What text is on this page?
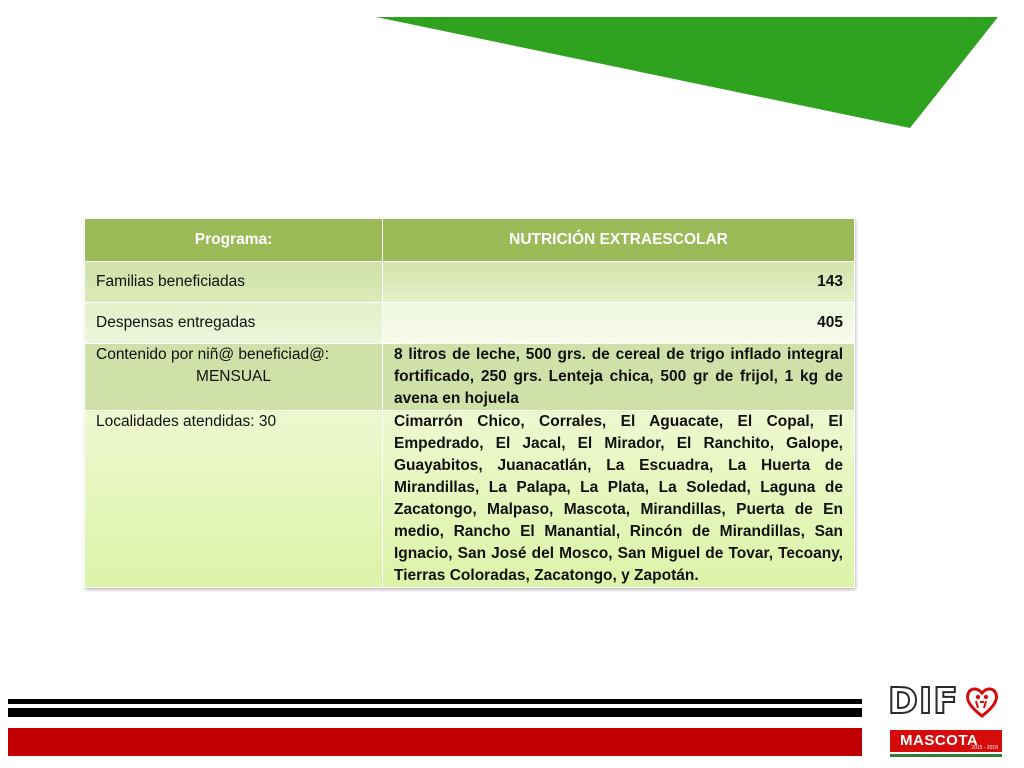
Programa:	NUTRICIÓN EXTRAESCOLAR
Familias beneficiadas	143
Despensas entregadas	405
Contenido por niñ@ beneficiad@:
MENSUAL	8 litros de leche, 500 grs. de cereal de trigo inflado integral fortificado, 250 grs. Lenteja chica, 500 gr de frijol, 1 kg de avena en hojuela
Localidades atendidas: 30	Cimarrón Chico, Corrales, El Aguacate, El Copal, El Empedrado, El Jacal, El Mirador, El Ranchito, Galope, Guayabitos, Juanacatlán, La Escuadra, La Huerta de Mirandillas, La Palapa, La Plata, La Soledad, Laguna de Zacatongo, Malpaso, Mascota, Mirandillas, Puerta de En medio, Rancho El Manantial, Rincón de Mirandillas, San Ignacio, San José del Mosco, San Miguel de Tovar, Tecoany, Tierras Coloradas, Zacatongo, y Zapotán.
DIF
MASCOTA
2015 - 2018
